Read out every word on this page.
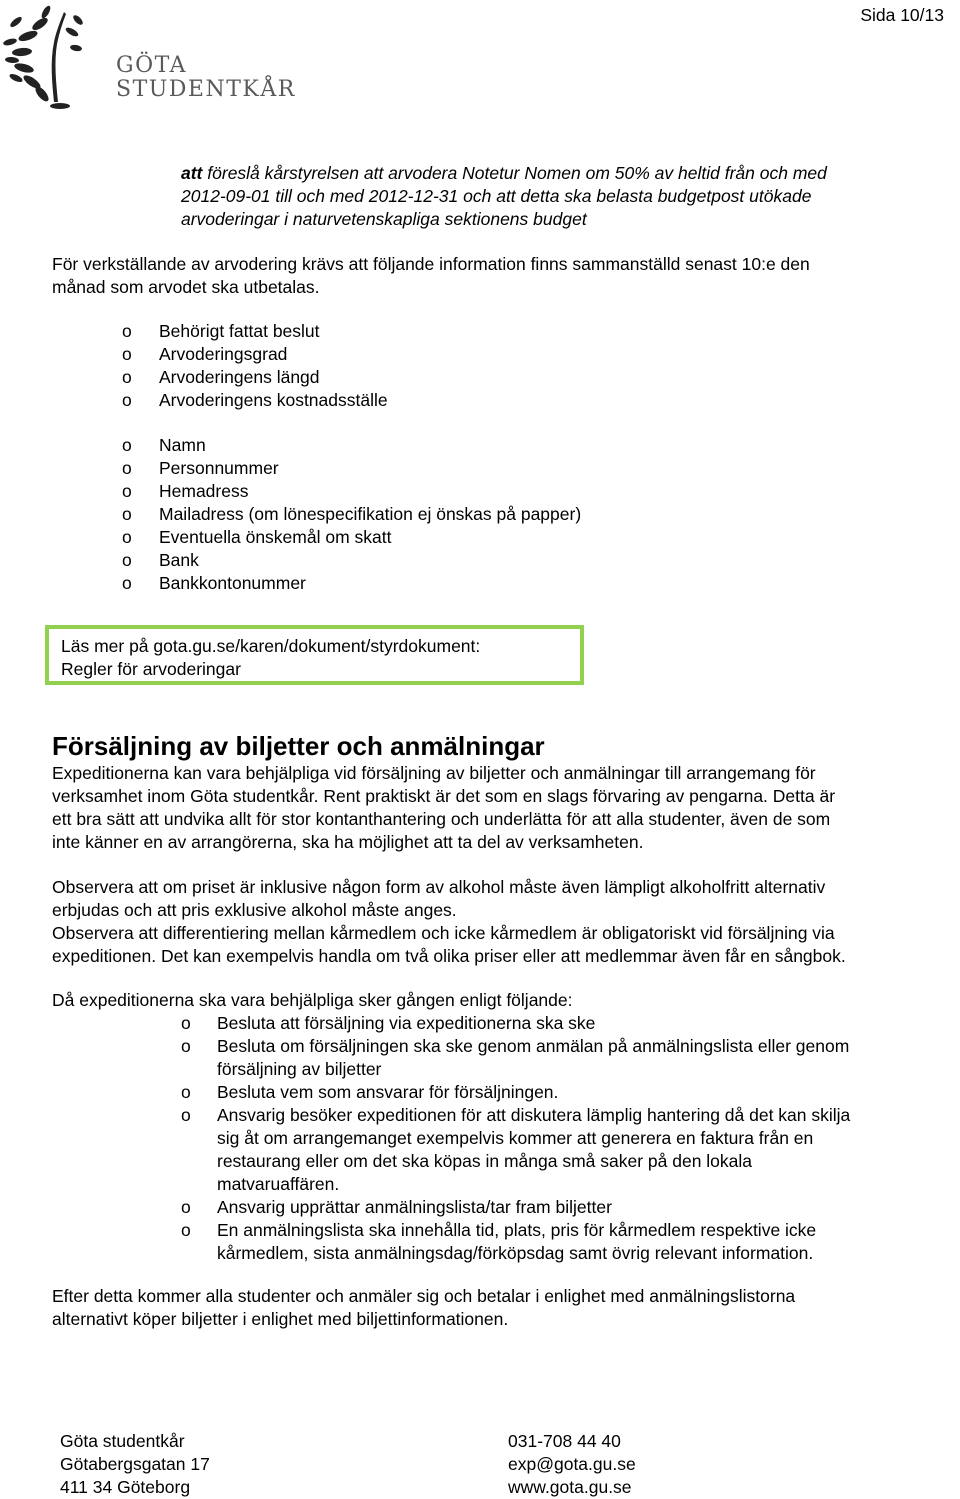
GÖTA
STUDENTKÅR
Sida 10/13
att föreslå kårstyrelsen att arvodera Notetur Nomen om 50% av heltid från och med
2012-09-01 till och med 2012-12-31 och att detta ska belasta budgetpost utökade
arvoderingar i naturvetenskapliga sektionens budget
För verkställande av arvodering krävs att följande information finns sammanställd senast 10:e den
månad som arvodet ska utbetalas.
o Behörigt fattat beslut
o Arvoderingsgrad
o Arvoderingens längd
o Arvoderingens kostnadsställe
o Namn
o Personnummer
o Hemadress
o Mailadress (om lönespecifikation ej önskas på papper)
o Eventuella önskemål om skatt
o Bank
o Bankkontonummer
Läs mer på gota.gu.se/karen/dokument/styrdokument:
Regler för arvoderingar
Försäljning av biljetter och anmälningar
Expeditionerna kan vara behjälpliga vid försäljning av biljetter och anmälningar till arrangemang för
verksamhet inom Göta studentkår. Rent praktiskt är det som en slags förvaring av pengarna. Detta är
ett bra sätt att undvika allt för stor kontanthantering och underlätta för att alla studenter, även de som
inte känner en av arrangörerna, ska ha möjlighet att ta del av verksamheten.
Observera att om priset är inklusive någon form av alkohol måste även lämpligt alkoholfritt alternativ
erbjudas och att pris exklusive alkohol måste anges.
Observera att differentiering mellan kårmedlem och icke kårmedlem är obligatoriskt vid försäljning via
expeditionen. Det kan exempelvis handla om två olika priser eller att medlemmar även får en sångbok.
Då expeditionerna ska vara behjälpliga sker gången enligt följande:
o Besluta att försäljning via expeditionerna ska ske
o Besluta om försäljningen ska ske genom anmälan på anmälningslista eller genom
försäljning av biljetter
o Besluta vem som ansvarar för försäljningen.
o Ansvarig besöker expeditionen för att diskutera lämplig hantering då det kan skilja
sig åt om arrangemanget exempelvis kommer att generera en faktura från en
restaurang eller om det ska köpas in många små saker på den lokala
matvaruaffären.
o Ansvarig upprättar anmälningslista/tar fram biljetter
o En anmälningslista ska innehålla tid, plats, pris för kårmedlem respektive icke
kårmedlem, sista anmälningsdag/förköpsdag samt övrig relevant information.
Efter detta kommer alla studenter och anmäler sig och betalar i enlighet med anmälningslistorna
alternativt köper biljetter i enlighet med biljettinformationen.
Göta studentkår
Götabergsgatan 17
411 34 Göteborg
031-708 44 40
exp@gota.gu.se
www.gota.gu.se
